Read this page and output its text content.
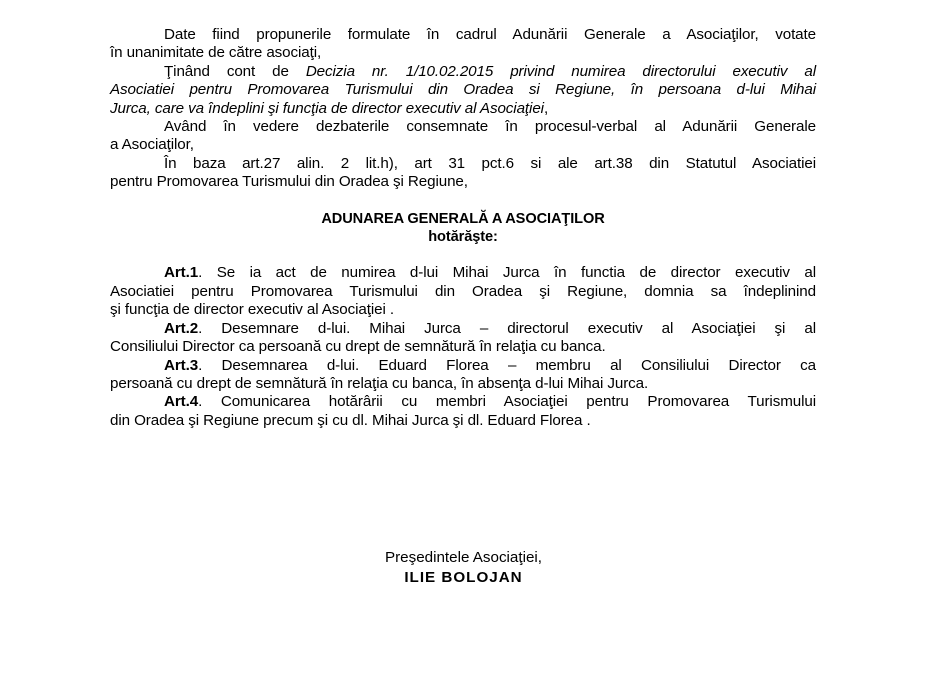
Date fiind propunerile formulate în cadrul Adunării Generale a Asociaţilor, votate
în unanimitate de către asociaţi,
Ţinând cont de Decizia nr. 1/10.02.2015 privind numirea directorului executiv al
Asociatiei pentru Promovarea Turismului din Oradea si Regiune, în persoana d-lui Mihai
Jurca, care va îndeplini şi funcţia de director executiv al Asociaţiei,
Având în vedere dezbaterile consemnate în procesul-verbal al Adunării Generale
a Asociaţilor,
În baza art.27 alin. 2 lit.h), art 31 pct.6 si ale art.38 din Statutul Asociatiei
pentru Promovarea Turismului din Oradea şi Regiune,
ADUNAREA GENERALĂ A ASOCIAŢILOR
hotărăşte:
Art.1. Se ia act de numirea d-lui Mihai Jurca în functia de director executiv al
Asociatiei pentru Promovarea Turismului din Oradea şi Regiune, domnia sa îndeplinind
şi funcţia de director executiv al Asociaţiei .
Art.2. Desemnare d-lui. Mihai Jurca – directorul executiv al Asociaţiei şi al
Consiliului Director ca persoană cu drept de semnătură în relaţia cu banca.
Art.3. Desemnarea d-lui. Eduard Florea – membru al Consiliului Director ca
persoană cu drept de semnătură în relaţia cu banca, în absenţa d-lui Mihai Jurca.
Art.4. Comunicarea hotărârii cu membri Asociaţiei pentru Promovarea Turismului
din Oradea şi Regiune precum şi cu dl. Mihai Jurca şi dl. Eduard Florea .
Preşedintele Asociaţiei,
ILIE BOLOJAN
